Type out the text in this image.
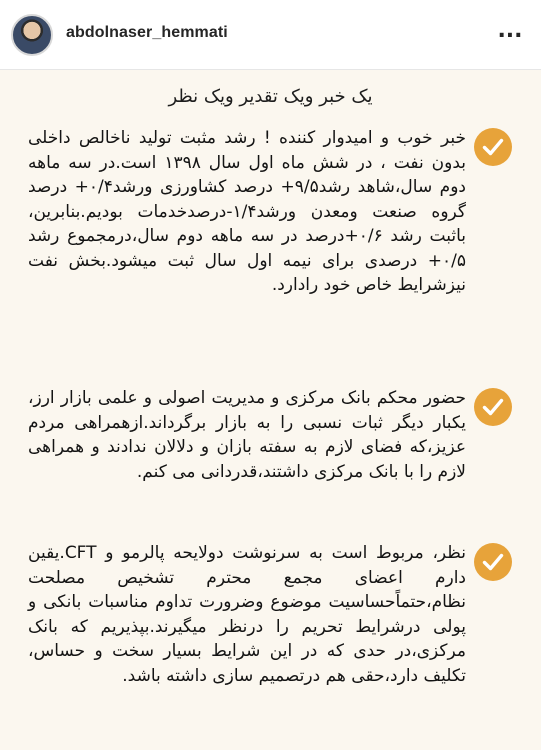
abdolnaser_hemmati	...
یک خبر ویک تقدیر ویک نظر
خبر خوب و امیدوار کننده ! رشد مثبت تولید ناخالص داخلی بدون نفت ، در شش ماه اول سال ۱۳۹۸ است.در سه ماهه دوم سال،شاهد رشد۹/۵+ درصد کشاورزی ورشد۰/۴+ درصد گروه صنعت ومعدن ورشد۱/۴-درصدخدمات بودیم.بنابرین، باثبت رشد ۰/۶+درصد در سه ماهه دوم سال،درمجموع رشد ۰/۵+ درصدی برای نیمه اول سال ثبت میشود.بخش نفت نیزشرایط خاص خود رادارد.
حضور محکم بانک مرکزی و مدیریت اصولی و علمی بازار ارز، یکبار دیگر ثبات نسبی را به بازار برگرداند.ازهمراهی مردم عزیز،که فضای لازم به سفته بازان و دلالان ندادند و همراهی لازم را با بانک مرکزی داشتند،قدردانی می کنم.
نظر، مربوط است به سرنوشت دولایحه پالرمو و CFT.یقین دارم اعضای مجمع محترم تشخیص مصلحت نظام،حتماًحساسیت موضوع وضرورت تداوم مناسبات بانکی و پولی درشرایط تحریم را درنظر میگیرند.بپذیریم که بانک مرکزی،در حدی که در این شرایط بسیار سخت و حساس، تکلیف دارد،حقی هم درتصمیم سازی داشته باشد.
